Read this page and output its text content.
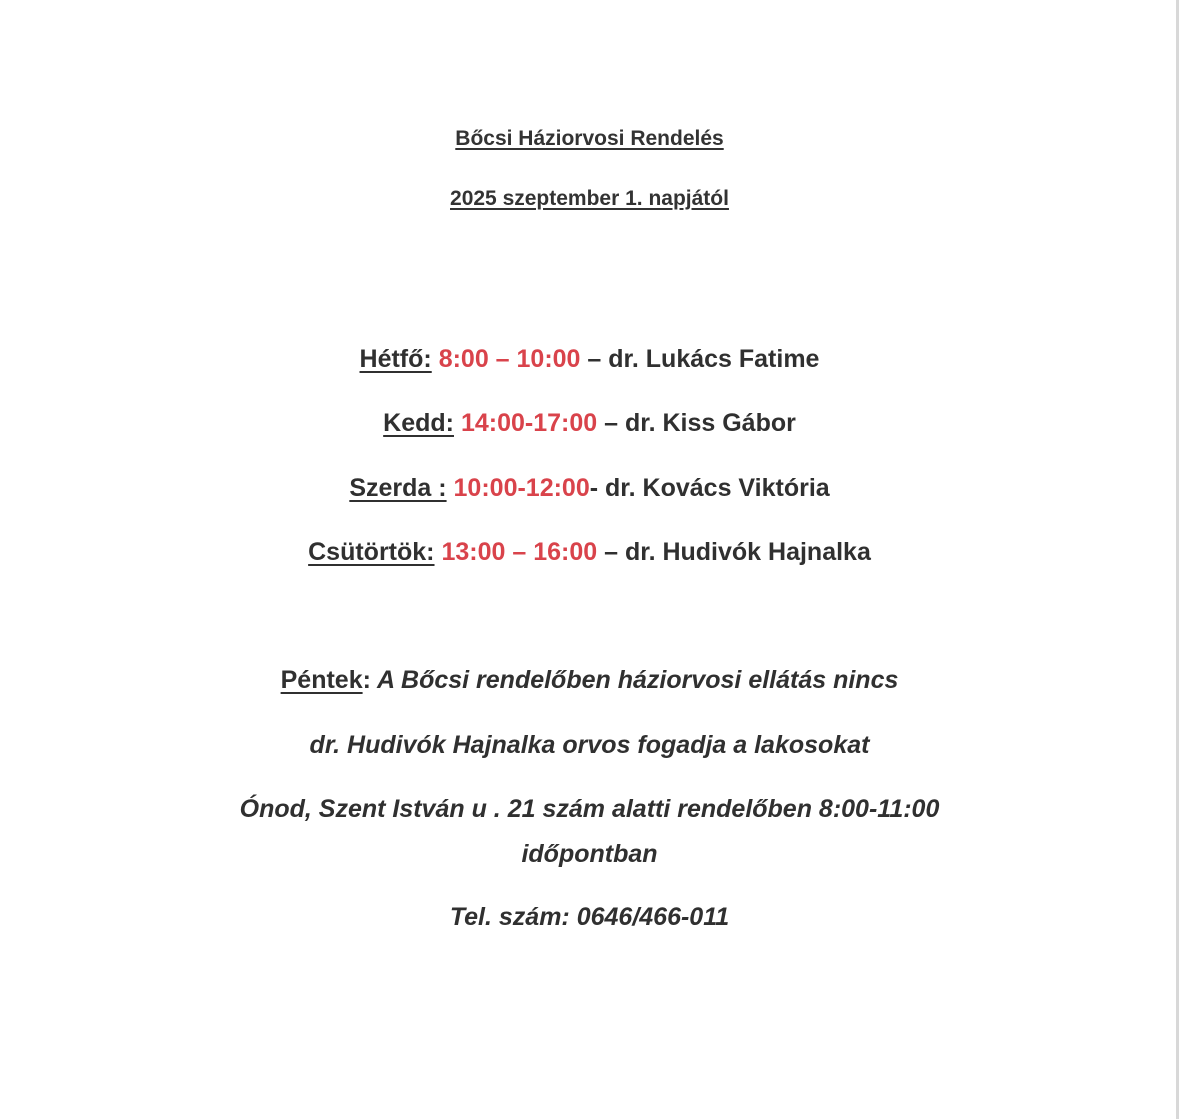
Bőcsi Háziorvosi Rendelés
2025 szeptember 1. napjától
Hétfő: 8:00 – 10:00 – dr. Lukács Fatime
Kedd: 14:00-17:00 – dr. Kiss Gábor
Szerda : 10:00-12:00- dr. Kovács Viktória
Csütörtök: 13:00 – 16:00 – dr. Hudivók Hajnalka
Péntek: A Bőcsi rendelőben háziorvosi ellátás nincs
dr. Hudivók Hajnalka orvos fogadja a lakosokat
Ónod, Szent István u . 21 szám alatti rendelőben 8:00-11:00
időpontban
Tel. szám: 0646/466-011
